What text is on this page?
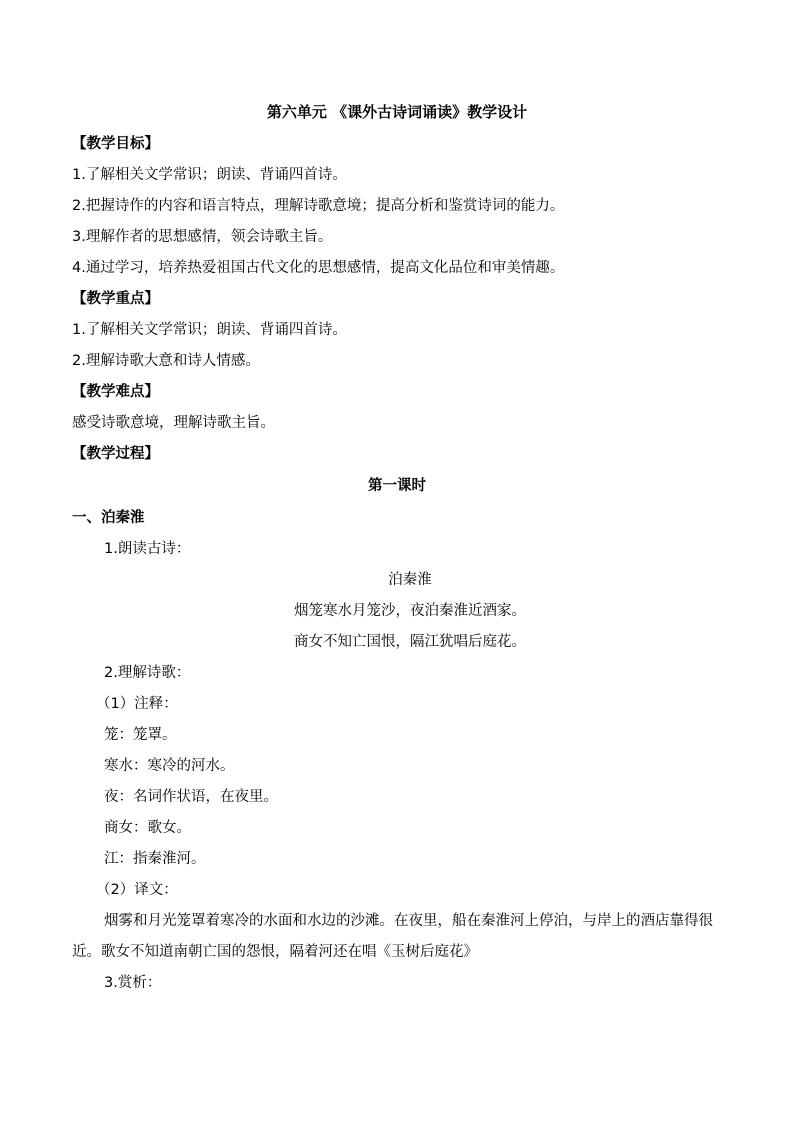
第六单元 《课外古诗词诵读》教学设计
【教学目标】
1.了解相关文学常识；朗读、背诵四首诗。
2.把握诗作的内容和语言特点，理解诗歌意境；提高分析和鉴赏诗词的能力。
3.理解作者的思想感情，领会诗歌主旨。
4.通过学习，培养热爱祖国古代文化的思想感情，提高文化品位和审美情趣。
【教学重点】
1.了解相关文学常识；朗读、背诵四首诗。
2.理解诗歌大意和诗人情感。
【教学难点】
感受诗歌意境，理解诗歌主旨。
【教学过程】
第一课时
一、泊秦淮
1.朗读古诗：
泊秦淮
烟笼寒水月笼沙，夜泊秦淮近酒家。
商女不知亡国恨，隔江犹唱后庭花。
2.理解诗歌：
（1）注释：
笼：笼罩。
寒水：寒冷的河水。
夜：名词作状语，在夜里。
商女：歌女。
江：指秦淮河。
（2）译文：
烟雾和月光笼罩着寒冷的水面和水边的沙滩。在夜里，船在秦淮河上停泊，与岸上的酒店靠得很近。歌女不知道南朝亡国的怨恨，隔着河还在唱《玉树后庭花》
3.赏析：
